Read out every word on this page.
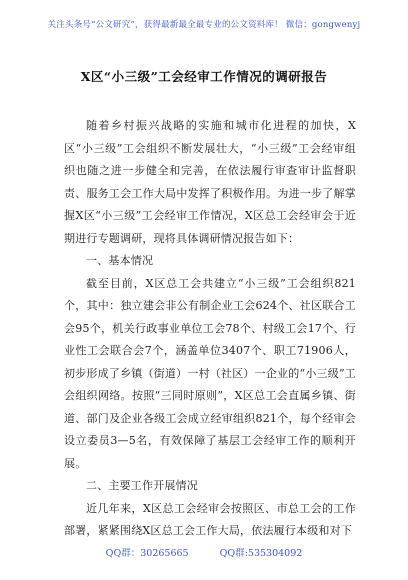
关注头条号“公文研究”，获得最新最全最专业的公文资料库！ 微信：gongwenyj
X区“小三级”工会经审工作情况的调研报告

随着乡村振兴战略的实施和城市化进程的加快，X区“小三级”工会组织不断发展壮大，“小三级”工会经审组织也随之进一步健全和完善，在依法履行审查审计监督职责、服务工会工作大局中发挥了积极作用。为进一步了解掌握X区“小三级”工会经审工作情况，X区总工会经审会于近期进行专题调研，现将具体调研情况报告如下：

一、基本情况

截至目前，X区总工会共建立“小三级”工会组织821个，其中：独立建会非公有制企业工会624个、社区联合工会95个，机关行政事业单位工会78个、村级工会17个、行业性工会联合会7个，涵盖单位3407个、职工71906人，初步形成了乡镇（街道）一村（社区）一企业的“小三级”工会组织网络。按照“三同时原则”，X区总工会直属乡镇、街道、部门及企业各级工会成立经审组织821个，每个经审会设立委员3—5名，有效保障了基层工会经审工作的顺利开展。

二、主要工作开展情况

近几年来，X区总工会经审会按照区、市总工会的工作部署，紧紧围绕X区总工会工作大局，依法履行本级和对下

QQ群：30265665	QQ群:535304092
